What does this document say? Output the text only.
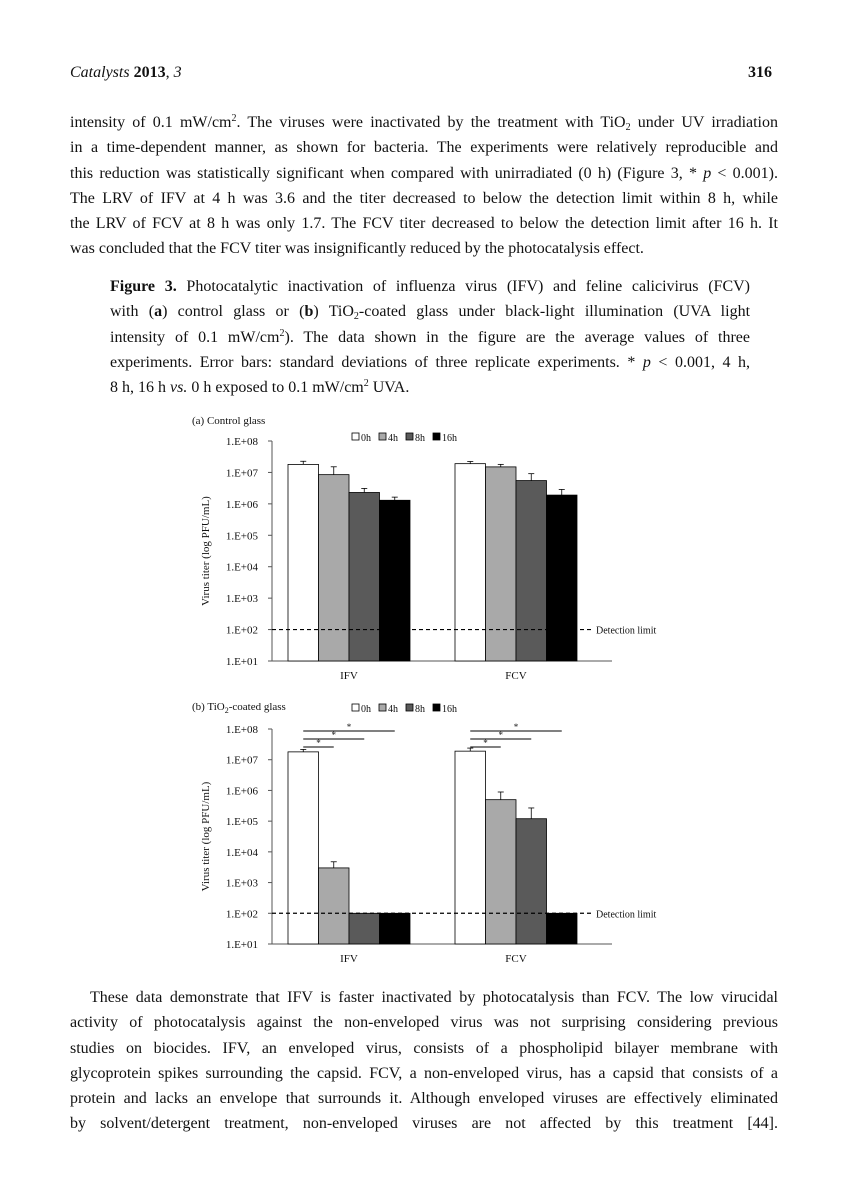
Catalysts 2013, 3	316
intensity of 0.1 $mW/cm^2$. The viruses were inactivated by the treatment with TiO$_2$ under UV irradiation
in a time-dependent manner, as shown for bacteria. The experiments were relatively reproducible and
this reduction was statistically significant when compared with unirradiated (0 h) (Figure 3, * p < 0.001).
The LRV of IFV at 4 h was 3.6 and the titer decreased to below the detection limit within 8 h, while
the LRV of FCV at 8 h was only 1.7. The FCV titer decreased to below the detection limit after 16 h. It
was concluded that the FCV titer was insignificantly reduced by the photocatalysis effect.
Figure 3. Photocatalytic inactivation of influenza virus (IFV) and feline calicivirus (FCV)
with (a) control glass or (b) TiO$_2$-coated glass under black-light illumination (UVA light
intensity of 0.1 $mW/cm^2$). The data shown in the figure are the average values of three
experiments. Error bars: standard deviations of three replicate experiments. * p < 0.001, 4 h,
8 h, 16 h vs. 0 h exposed to 0.1 $mW/cm^2$ UVA.
(a) Control glass
Virus titer (log PFU/mL)
1.E+01
1.E+02
1.E+03
1.E+04
1.E+05
1.E+06
1.E+07
1.E+08
IFV	FCV
Detection limit
0h 4h 8h 16h
(b) TiO$_2$-coated glass
Virus titer (log PFU/mL)
1.E+01
1.E+02
1.E+03
1.E+04
1.E+05
1.E+06
1.E+07
1.E+08
IFV
*
*
*
FCV
*
*
*
Detection limit
0h 4h 8h 16h
These data demonstrate that IFV is faster inactivated by photocatalysis than FCV. The low virucidal
activity of photocatalysis against the non-enveloped virus was not surprising considering previous
studies on biocides. IFV, an enveloped virus, consists of a phospholipid bilayer membrane with
glycoprotein spikes surrounding the capsid. FCV, a non-enveloped virus, has a capsid that consists of a
protein and lacks an envelope that surrounds it. Although enveloped viruses are effectively eliminated
by solvent/detergent treatment, non-enveloped viruses are not affected by this treatment [44].
